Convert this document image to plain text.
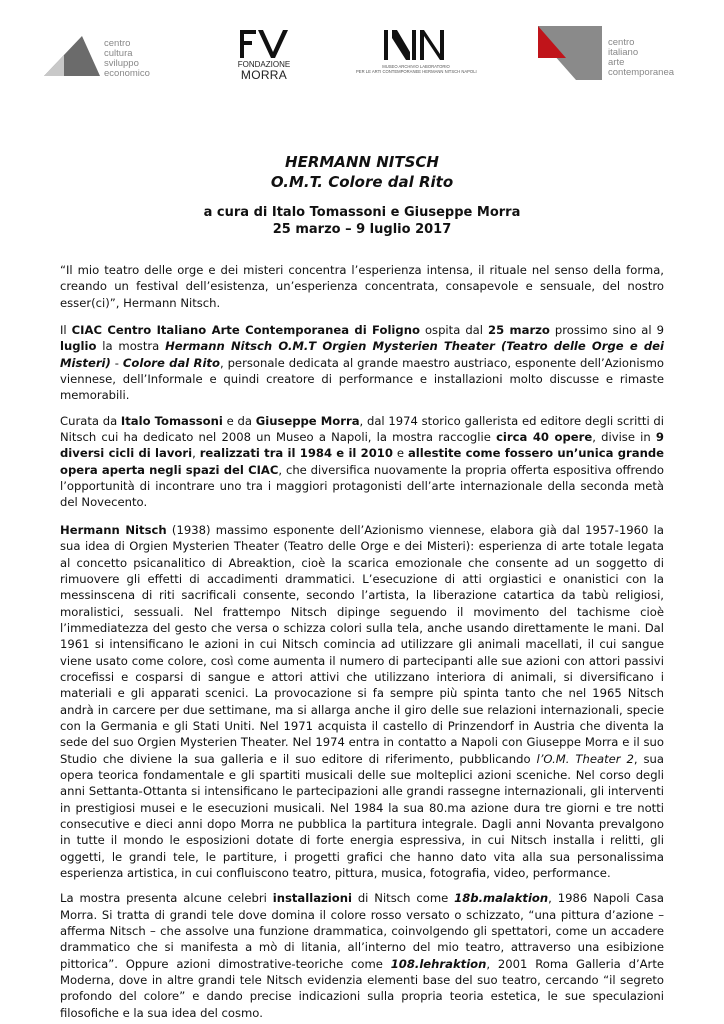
centro
cultura
sviluppo
economico
FONDAZIONE
MORRA
MUSEO ARCHIVIO LABORATORIO
PER LE ARTI CONTEMPORANEE HERMANN NITSCH NAPOLI
centro
italiano
arte
contemporanea

HERMANN NITSCH

O.M.T. Colore dal Rito

a cura di Italo Tomassoni e Giuseppe Morra

25 marzo – 9 luglio 2017

“Il mio teatro delle orge e dei misteri concentra l’esperienza intensa, il rituale nel senso della forma, creando un festival dell’esistenza, un’esperienza concentrata, consapevole e sensuale, del nostro esser(ci)”, Hermann Nitsch.

Il CIAC Centro Italiano Arte Contemporanea di Foligno ospita dal 25 marzo prossimo sino al 9 luglio la mostra Hermann Nitsch O.M.T Orgien Mysterien Theater (Teatro delle Orge e dei Misteri) - Colore dal Rito, personale dedicata al grande maestro austriaco, esponente dell’Azionismo viennese, dell’Informale e quindi creatore di performance e installazioni molto discusse e rimaste memorabili.

Curata da Italo Tomassoni e da Giuseppe Morra, dal 1974 storico gallerista ed editore degli scritti di Nitsch cui ha dedicato nel 2008 un Museo a Napoli, la mostra raccoglie circa 40 opere, divise in 9 diversi cicli di lavori, realizzati tra il 1984 e il 2010 e allestite come fossero un’unica grande opera aperta negli spazi del CIAC, che diversifica nuovamente la propria offerta espositiva offrendo l’opportunità di incontrare uno tra i maggiori protagonisti dell’arte internazionale della seconda metà del Novecento.

Hermann Nitsch (1938) massimo esponente dell’Azionismo viennese, elabora già dal 1957-1960 la sua idea di Orgien Mysterien Theater (Teatro delle Orge e dei Misteri): esperienza di arte totale legata al concetto psicanalitico di Abreaktion, cioè la scarica emozionale che consente ad un soggetto di rimuovere gli effetti di accadimenti drammatici. L’esecuzione di atti orgiastici e onanistici con la messinscena di riti sacrificali consente, secondo l’artista, la liberazione catartica da tabù religiosi, moralistici, sessuali. Nel frattempo Nitsch dipinge seguendo il movimento del tachisme cioè l’immediatezza del gesto che versa o schizza colori sulla tela, anche usando direttamente le mani. Dal 1961 si intensificano le azioni in cui Nitsch comincia ad utilizzare gli animali macellati, il cui sangue viene usato come colore, così come aumenta il numero di partecipanti alle sue azioni con attori passivi crocefissi e cosparsi di sangue e attori attivi che utilizzano interiora di animali, si diversificano i materiali e gli apparati scenici. La provocazione si fa sempre più spinta tanto che nel 1965 Nitsch andrà in carcere per due settimane, ma si allarga anche il giro delle sue relazioni internazionali, specie con la Germania e gli Stati Uniti. Nel 1971 acquista il castello di Prinzendorf in Austria che diventa la sede del suo Orgien Mysterien Theater. Nel 1974 entra in contatto a Napoli con Giuseppe Morra e il suo Studio che diviene la sua galleria e il suo editore di riferimento, pubblicando l’O.M. Theater 2, sua opera teorica fondamentale e gli spartiti musicali delle sue molteplici azioni sceniche. Nel corso degli anni Settanta-Ottanta si intensificano le partecipazioni alle grandi rassegne internazionali, gli interventi in prestigiosi musei e le esecuzioni musicali. Nel 1984 la sua 80.ma azione dura tre giorni e tre notti consecutive e dieci anni dopo Morra ne pubblica la partitura integrale. Dagli anni Novanta prevalgono in tutte il mondo le esposizioni dotate di forte energia espressiva, in cui Nitsch installa i relitti, gli oggetti, le grandi tele, le partiture, i progetti grafici che hanno dato vita alla sua personalissima esperienza artistica, in cui confluiscono teatro, pittura, musica, fotografia, video, performance.

La mostra presenta alcune celebri installazioni di Nitsch come 18b.malaktion, 1986 Napoli Casa Morra. Si tratta di grandi tele dove domina il colore rosso versato o schizzato, “una pittura d’azione – afferma Nitsch – che assolve una funzione drammatica, coinvolgendo gli spettatori, come un accadere drammatico che si manifesta a mò di litania, all’interno del mio teatro, attraverso una esibizione pittorica”. Oppure azioni dimostrative-teoriche come 108.lehraktion, 2001 Roma Galleria d’Arte Moderna, dove in altre grandi tele Nitsch evidenzia elementi base del suo teatro, cercando “il segreto profondo del colore” e dando precise indicazioni sulla propria teoria estetica, le sue speculazioni filosofiche e la sua idea del cosmo.
